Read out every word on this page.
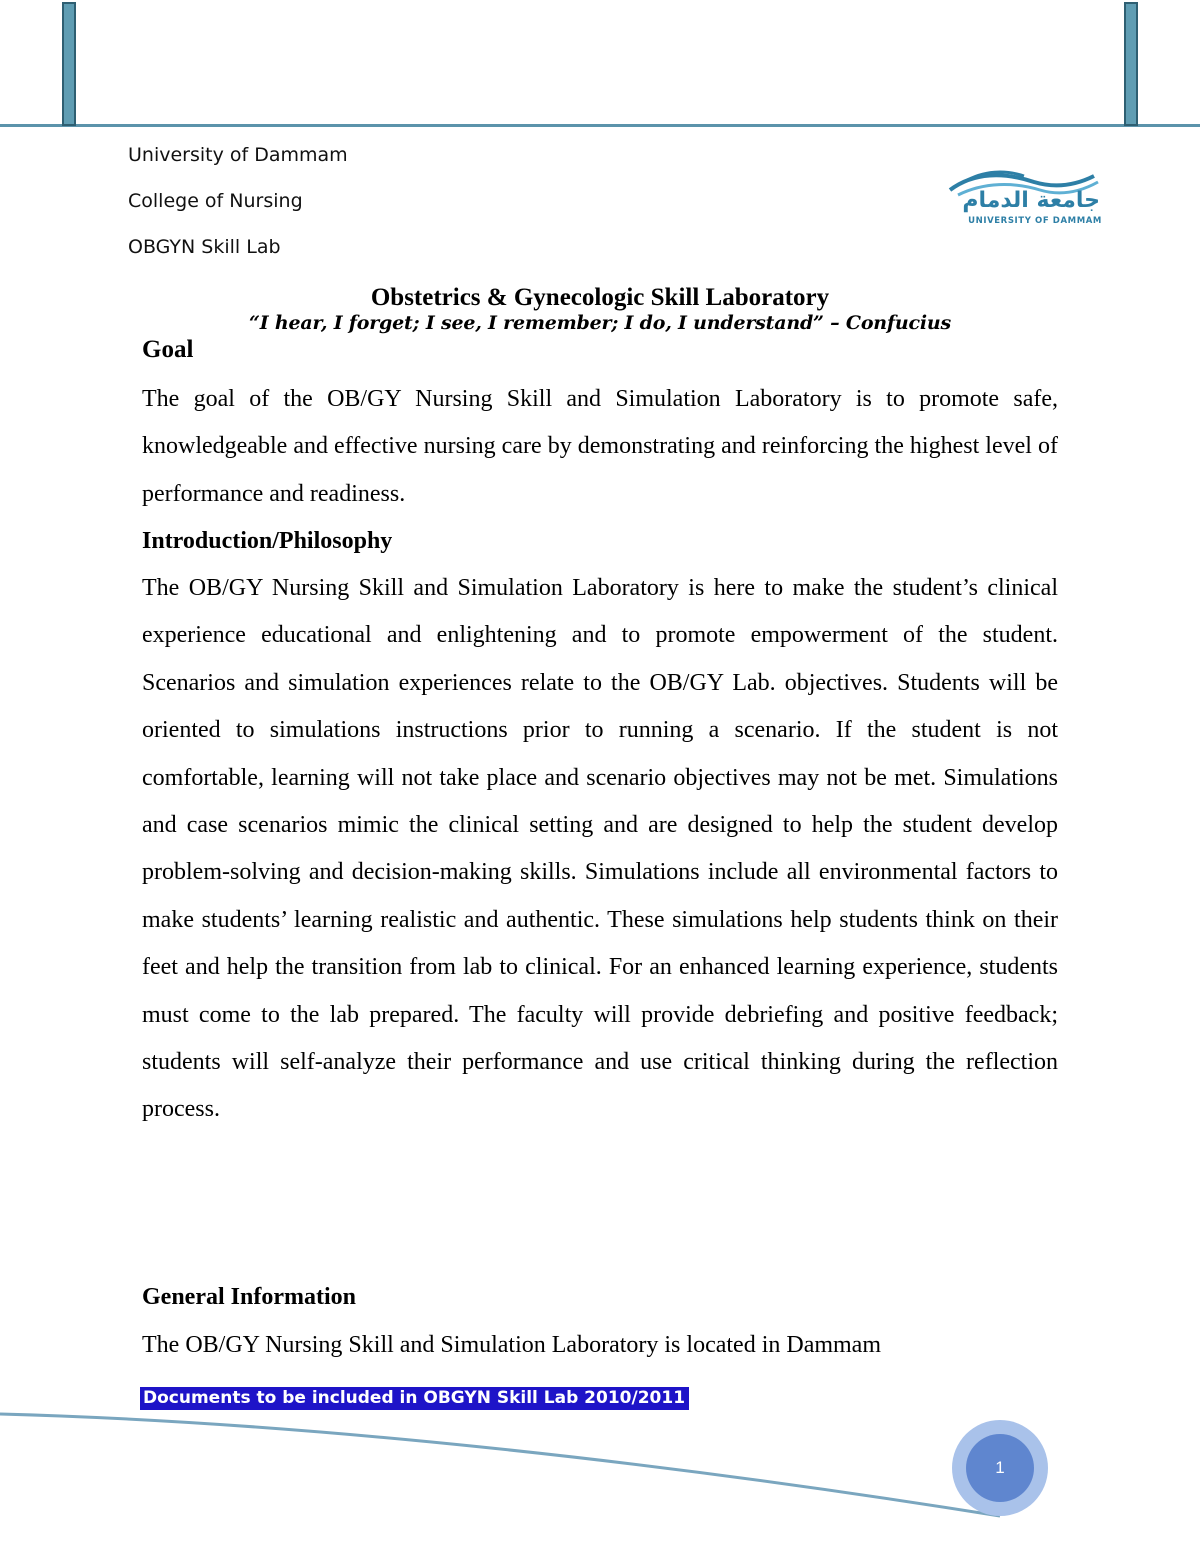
University of Dammam
College of Nursing
OBGYN Skill Lab
جامعة الدمام
UNIVERSITY OF DAMMAM
Obstetrics & Gynecologic Skill Laboratory
“I hear, I forget; I see, I remember; I do, I understand” – Confucius
Goal

The goal of the OB/GY Nursing Skill and Simulation Laboratory is to promote safe, knowledgeable and effective nursing care by demonstrating and reinforcing the highest level of performance and readiness.

Introduction/Philosophy

The OB/GY Nursing Skill and Simulation Laboratory is here to make the student’s clinical experience educational and enlightening and to promote empowerment of the student. Scenarios and simulation experiences relate to the OB/GY Lab. objectives. Students will be oriented to simulations instructions prior to running a scenario. If the student is not comfortable, learning will not take place and scenario objectives may not be met. Simulations and case scenarios mimic the clinical setting and are designed to help the student develop problem-solving and decision-making skills. Simulations include all environmental factors to make students’ learning realistic and authentic. These simulations help students think on their feet and help the transition from lab to clinical. For an enhanced learning experience, students must come to the lab prepared. The faculty will provide debriefing and positive feedback; students will self-analyze their performance and use critical thinking during the reflection process.

General Information

The OB/GY Nursing Skill and Simulation Laboratory is located in Dammam

Documents to be included in OBGYN Skill Lab 2010/2011
1
